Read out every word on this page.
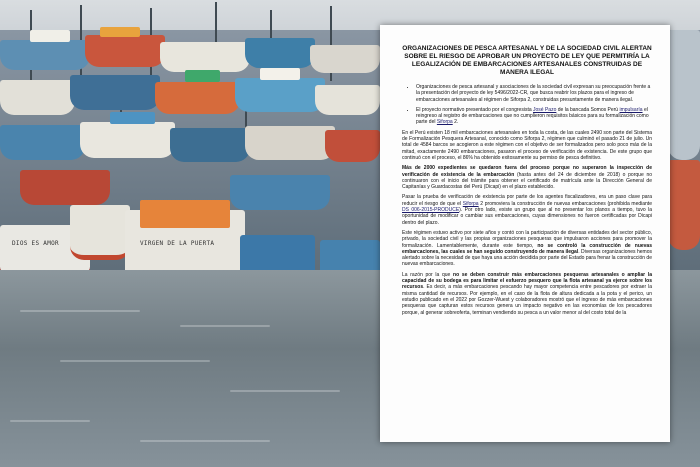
DIOS ES AMOR	VIRGEN DE LA PUERTA
ORGANIZACIONES DE PESCA ARTESANAL Y DE LA SOCIEDAD CIVIL ALERTAN SOBRE EL RIESGO DE APROBAR UN PROYECTO DE LEY QUE PERMITIRÍA LA LEGALIZACIÓN DE EMBARCACIONES ARTESANALES CONSTRUIDAS DE MANERA ILEGAL
• Organizaciones de pesca artesanal y asociaciones de la sociedad civil expresan su preocupación frente a la presentación del proyecto de ley 5496/2022-CR, que busca reabrir los plazos para el ingreso de embarcaciones artesanales al régimen de Siforpa 2, construidas presuntamente de manera ilegal.
• El proyecto normativo presentado por el congresista José Pazo de la bancada Somos Perú impulsaría el reingreso al registro de embarcaciones que no cumplieron requisitos básicos para su formalización como parte del Siforpa 2.

En el Perú existen 18 mil embarcaciones artesanales en toda la costa, de las cuales 2490 son parte del Sistema de Formalización Pesquera Artesanal, conocido como Siforpa 2, régimen que culminó el pasado 21 de julio. Un total de 4584 barcos se acogieron a este régimen con el objetivo de ser formalizados pero solo poco más de la mitad, exactamente 2490 embarcaciones, pasaron el proceso de verificación de existencia. De este grupo que continuó con el proceso, el 86% ha obtenido exitosamente su permiso de pesca definitivo.

Más de 2000 expedientes se quedaron fuera del proceso porque no superaron la inspección de verificación de existencia de la embarcación (hasta antes del 24 de diciembre de 2018) o porque no continuaron con el inicio del trámite para obtener el certificado de matrícula ante la Dirección General de Capitanías y Guardacostas del Perú (Dicapi) en el plazo establecido.

Pasar la prueba de verificación de existencia por parte de los agentes fiscalizadores, era un paso clave para reducir el riesgo de que el Siforpa 2 promoviera la construcción de nuevas embarcaciones (prohibida mediante DS 006-2015-PRODUCE). Por otro lado, existe un grupo que al no presentar los planos a tiempo, tuvo la oportunidad de modificar o cambiar sus embarcaciones, cuyas dimensiones no fueron certificadas por Dicapi dentro del plazo.

Este régimen estuvo activo por siete años y contó con la participación de diversas entidades del sector público, privado, la sociedad civil y las propias organizaciones pesqueras que impulsaron acciones para promover la formalización. Lamentablemente, durante este tiempo, no se controló la construcción de nuevas embarcaciones, las cuales se han seguido construyendo de manera ilegal. Diversas organizaciones hemos alertado sobre la necesidad de que haya una acción decidida por parte del Estado para frenar la construcción de nuevas embarcaciones.

La razón por la que no se deben construir más embarcaciones pesqueras artesanales o ampliar la capacidad de su bodega es para limitar el esfuerzo pesquero que la flota artesanal ya ejerce sobre los recursos. Es decir, a más embarcaciones pescando hay mayor competencia entre pescadores por extraer la misma cantidad de recursos. Por ejemplo, en el caso de la flota de altura dedicada a la pota y el perico, un estudio publicado en el 2022 por Gozzer-Wuest y colaboradores mostró que el ingreso de más embarcaciones pesqueras que capturan estos recursos genera un impacto negativo en las economías de los pescadores porque, al generar sobreoferta, terminan vendiendo su pesca a un valor menor al del costo total de la
